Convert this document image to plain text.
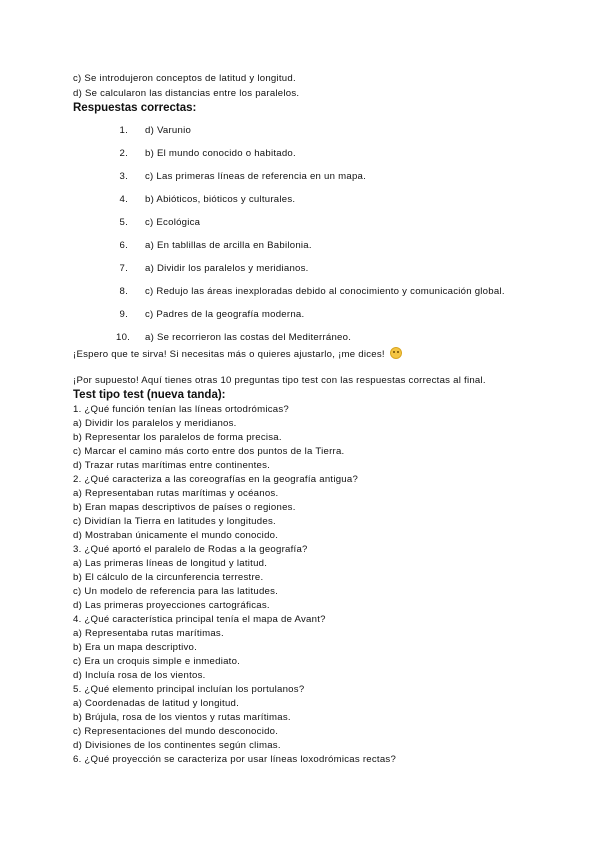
c) Se introdujeron conceptos de latitud y longitud.
d) Se calcularon las distancias entre los paralelos.
Respuestas correctas:
1. d) Varunio
2. b) El mundo conocido o habitado.
3. c) Las primeras líneas de referencia en un mapa.
4. b) Abióticos, bióticos y culturales.
5. c) Ecológica
6. a) En tablillas de arcilla en Babilonia.
7. a) Dividir los paralelos y meridianos.
8. c) Redujo las áreas inexploradas debido al conocimiento y comunicación global.
9. c) Padres de la geografía moderna.
10. a) Se recorrieron las costas del Mediterráneo.
¡Espero que te sirva! Si necesitas más o quieres ajustarlo, ¡me dices!
¡Por supuesto! Aquí tienes otras 10 preguntas tipo test con las respuestas correctas al final.
Test tipo test (nueva tanda):
1. ¿Qué función tenían las líneas ortodrómicas?
a) Dividir los paralelos y meridianos.
b) Representar los paralelos de forma precisa.
c) Marcar el camino más corto entre dos puntos de la Tierra.
d) Trazar rutas marítimas entre continentes.
2. ¿Qué caracteriza a las coreografías en la geografía antigua?
a) Representaban rutas marítimas y océanos.
b) Eran mapas descriptivos de países o regiones.
c) Dividían la Tierra en latitudes y longitudes.
d) Mostraban únicamente el mundo conocido.
3. ¿Qué aportó el paralelo de Rodas a la geografía?
a) Las primeras líneas de longitud y latitud.
b) El cálculo de la circunferencia terrestre.
c) Un modelo de referencia para las latitudes.
d) Las primeras proyecciones cartográficas.
4. ¿Qué característica principal tenía el mapa de Avant?
a) Representaba rutas marítimas.
b) Era un mapa descriptivo.
c) Era un croquis simple e inmediato.
d) Incluía rosa de los vientos.
5. ¿Qué elemento principal incluían los portulanos?
a) Coordenadas de latitud y longitud.
b) Brújula, rosa de los vientos y rutas marítimas.
c) Representaciones del mundo desconocido.
d) Divisiones de los continentes según climas.
6. ¿Qué proyección se caracteriza por usar líneas loxodrómicas rectas?
